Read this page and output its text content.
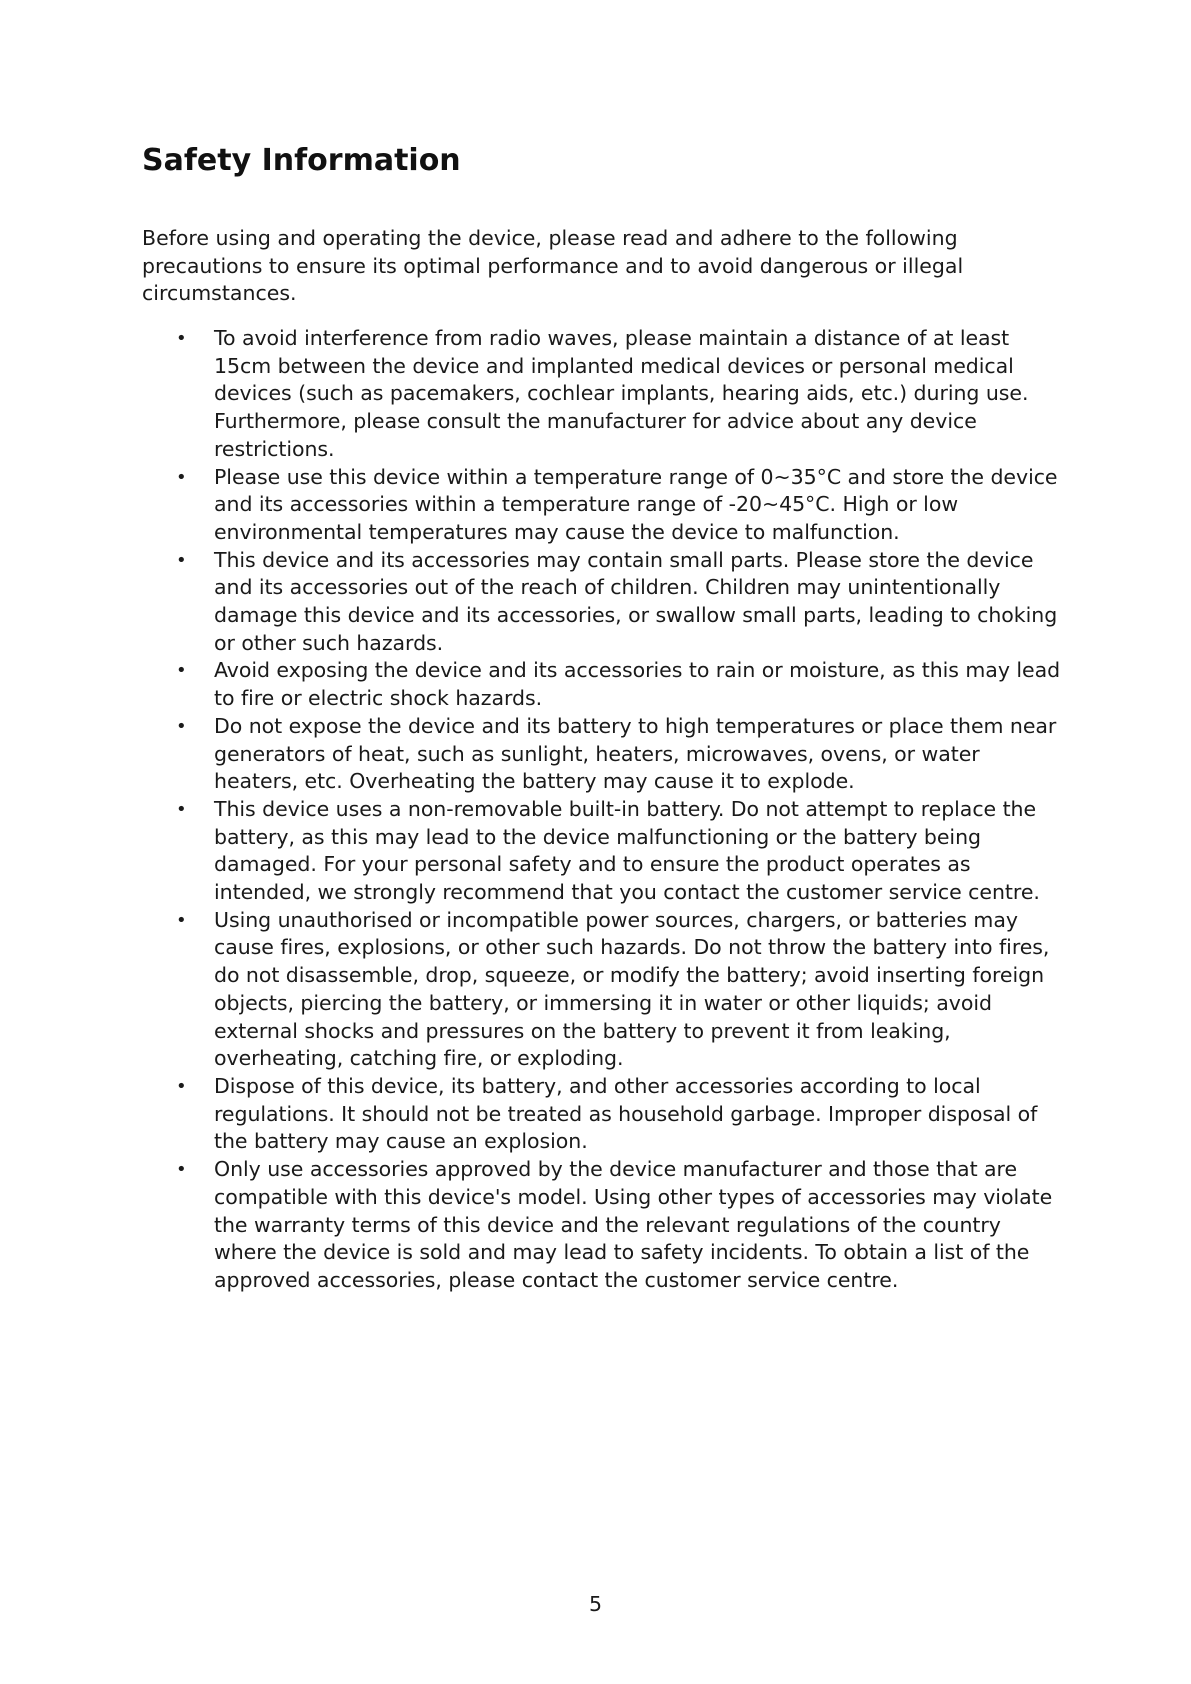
Safety Information

Before using and operating the device, please read and adhere to the following precautions to ensure its optimal performance and to avoid dangerous or illegal circumstances.

• To avoid interference from radio waves, please maintain a distance of at least 15cm between the device and implanted medical devices or personal medical devices (such as pacemakers, cochlear implants, hearing aids, etc.) during use. Furthermore, please consult the manufacturer for advice about any device restrictions.
• Please use this device within a temperature range of 0~35°C and store the device and its accessories within a temperature range of -20~45°C. High or low environmental temperatures may cause the device to malfunction.
• This device and its accessories may contain small parts. Please store the device and its accessories out of the reach of children. Children may unintentionally damage this device and its accessories, or swallow small parts, leading to choking or other such hazards.
• Avoid exposing the device and its accessories to rain or moisture, as this may lead to fire or electric shock hazards.
• Do not expose the device and its battery to high temperatures or place them near generators of heat, such as sunlight, heaters, microwaves, ovens, or water heaters, etc. Overheating the battery may cause it to explode.
• This device uses a non-removable built-in battery. Do not attempt to replace the battery, as this may lead to the device malfunctioning or the battery being damaged. For your personal safety and to ensure the product operates as intended, we strongly recommend that you contact the customer service centre.
• Using unauthorised or incompatible power sources, chargers, or batteries may cause fires, explosions, or other such hazards. Do not throw the battery into fires, do not disassemble, drop, squeeze, or modify the battery; avoid inserting foreign objects, piercing the battery, or immersing it in water or other liquids; avoid external shocks and pressures on the battery to prevent it from leaking, overheating, catching fire, or exploding.
• Dispose of this device, its battery, and other accessories according to local regulations. It should not be treated as household garbage. Improper disposal of the battery may cause an explosion.
• Only use accessories approved by the device manufacturer and those that are compatible with this device's model. Using other types of accessories may violate the warranty terms of this device and the relevant regulations of the country where the device is sold and may lead to safety incidents. To obtain a list of the approved accessories, please contact the customer service centre.
5
